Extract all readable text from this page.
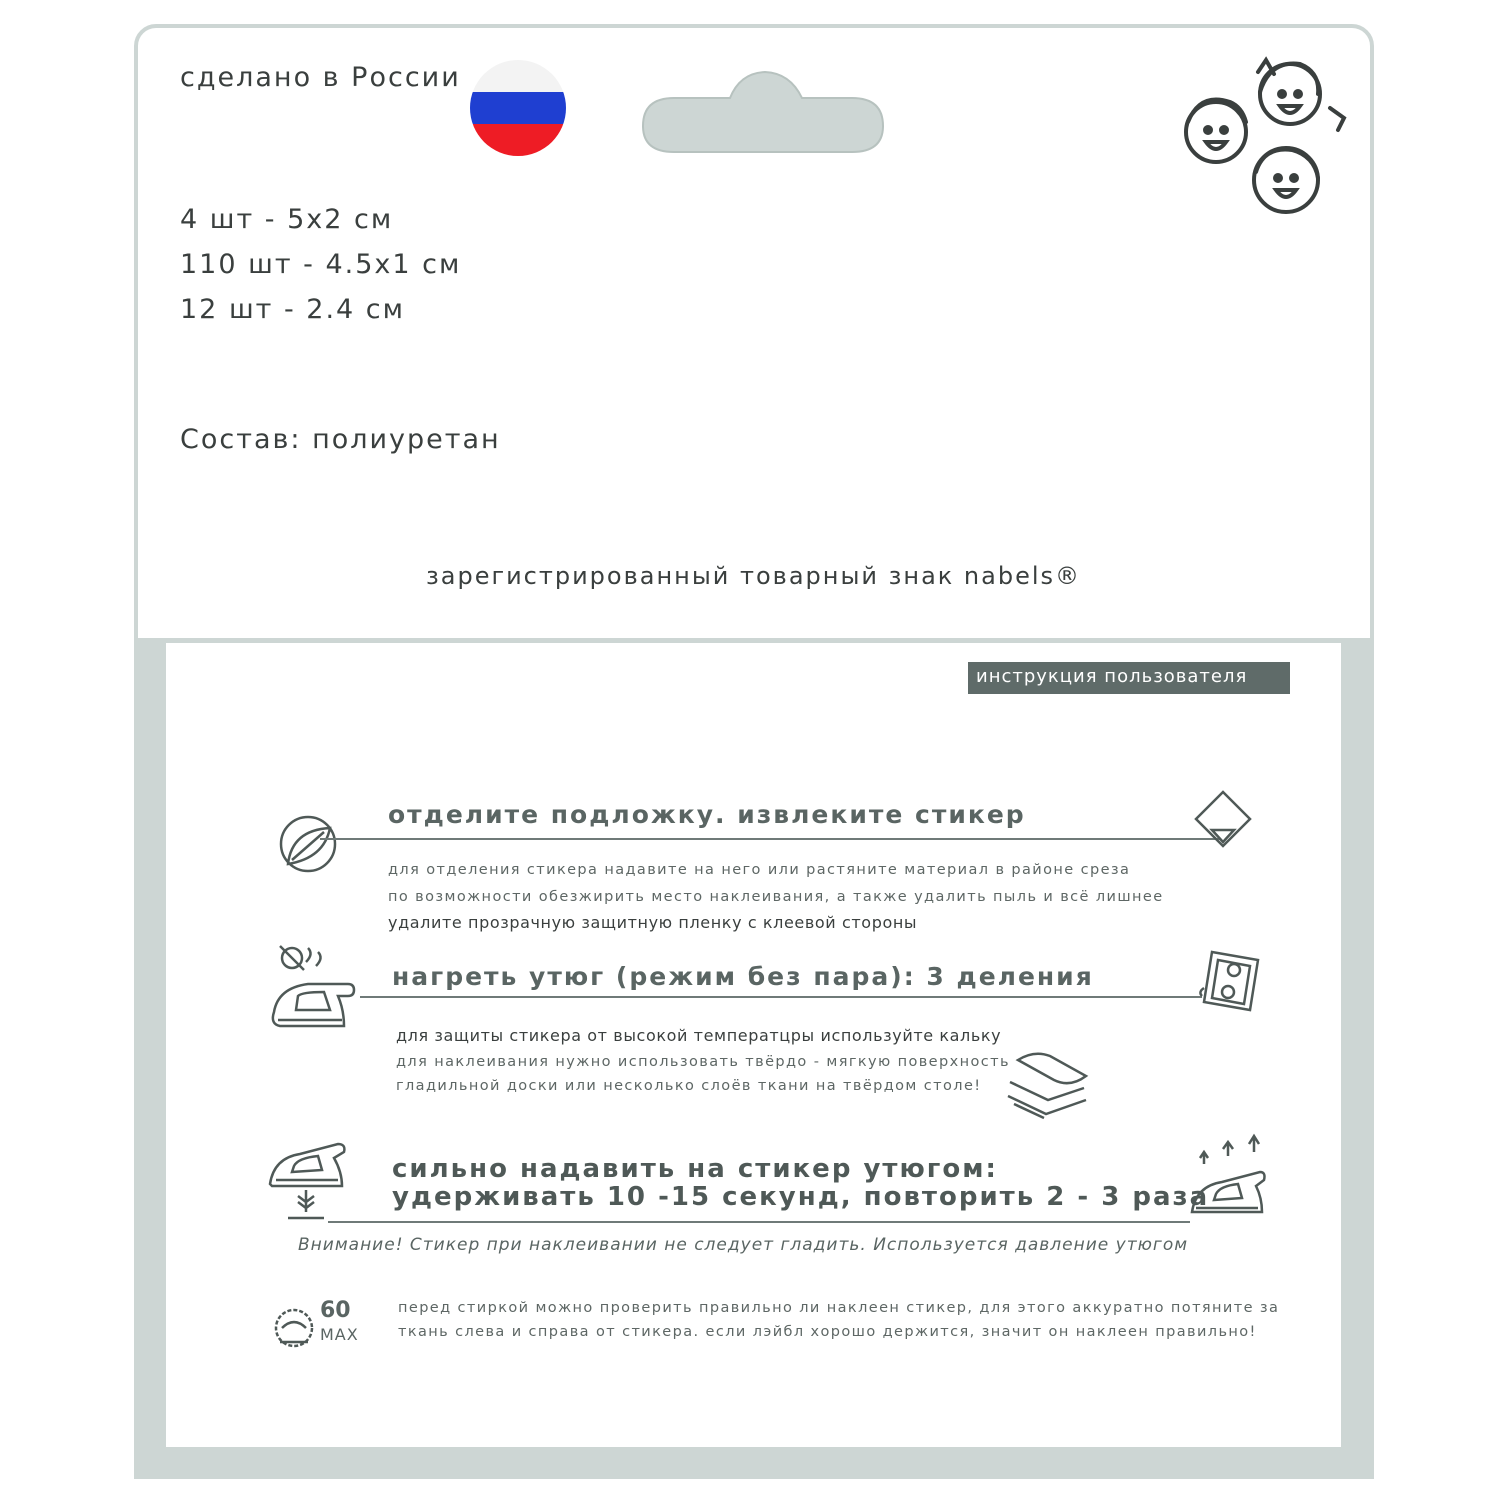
сделано в России
4 шт - 5x2 см
110 шт - 4.5x1 см
12 шт - 2.4 см
Состав: полиуретан
зарегистрированный товарный знак nabels®
инструкция пользователя
отделите подложку. извлеките стикер
для отделения стикера надавите на него или растяните материал в районе среза
по возможности обезжирить место наклеивания, а также удалить пыль и всё лишнее
удалите прозрачную защитную пленку с клеевой стороны
нагреть утюг (режим без пара): 3 деления
для защиты стикера от высокой температцры используйте кальку
для наклеивания нужно использовать твёрдо - мягкую поверхность
гладильной доски или несколько слоёв ткани на твёрдом столе!
сильно надавить на стикер утюгом:
удерживать 10 -15 секунд, повторить 2 - 3 раза
Внимание! Стикер при наклеивании не следует гладить. Используется давление утюгом
60
MAX
перед стиркой можно проверить правильно ли наклеен стикер, для этого аккуратно потяните за
ткань слева и справа от стикера. если лэйбл хорошо держится, значит он наклеен правильно!
